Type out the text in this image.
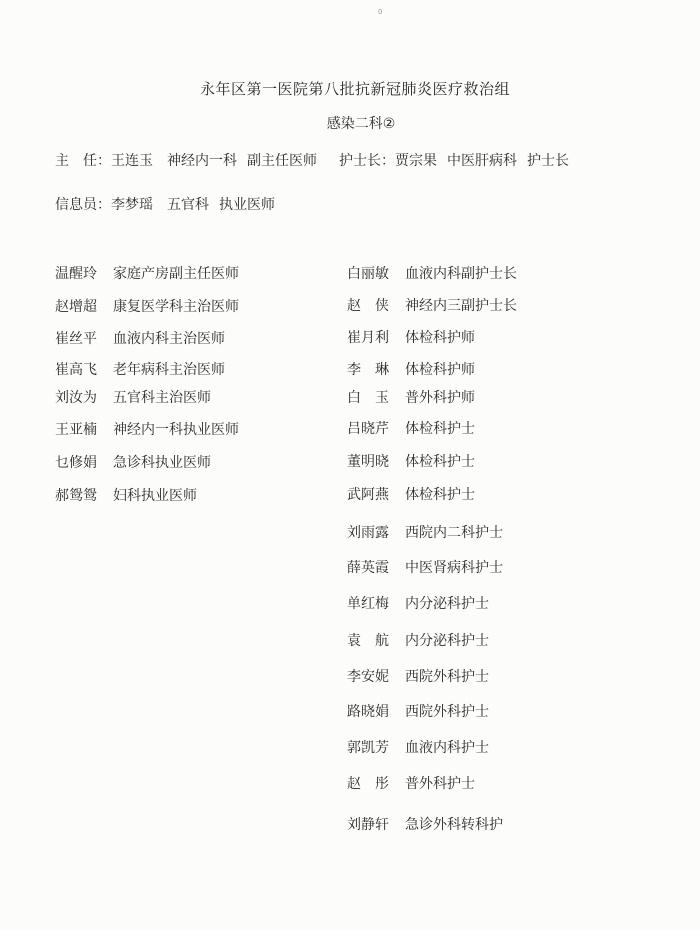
0
永年区第一医院第八批抗新冠肺炎医疗救治组
感染二科②
主　任：王连玉 神经内一科 副主任医师 护士长：贾宗果 中医肝病科 护士长
信息员：李梦瑶 五官科 执业医师
温醒玲 家庭产房副主任医师
赵增超 康复医学科主治医师
崔丝平 血液内科主治医师
崔高飞 老年病科主治医师
刘汝为 五官科主治医师
王亚楠 神经内一科执业医师
乜修娟 急诊科执业医师
郝鸳鸳 妇科执业医师
白丽敏 血液内科副护士长
赵　侠 神经内三副护士长
崔月利 体检科护师
李　琳 体检科护师
白　玉 普外科护师
吕晓芹 体检科护士
董明晓 体检科护士
武阿燕 体检科护士
刘雨露 西院内二科护士
薛英霞 中医肾病科护士
单红梅 内分泌科护士
袁　航 内分泌科护士
李安妮 西院外科护士
路晓娟 西院外科护士
郭凯芳 血液内科护士
赵　彤 普外科护士
刘静轩 急诊外科转科护
